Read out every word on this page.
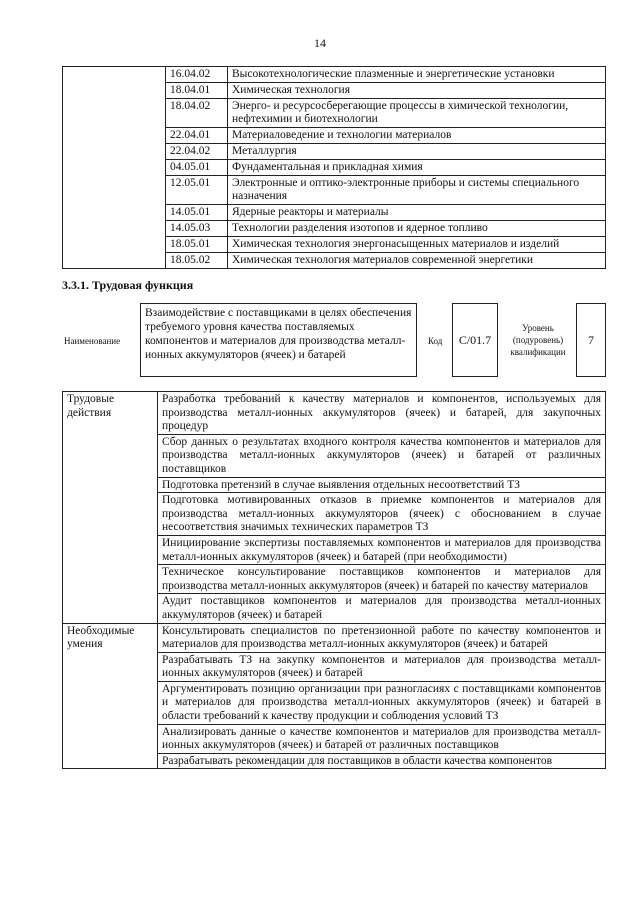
14
	16.04.02	Высокотехнологические плазменные и энергетические установки
	18.04.01	Химическая технология
	18.04.02	Энерго- и ресурсосберегающие процессы в химической технологии, нефтехимии и биотехнологии
	22.04.01	Материаловедение и технологии материалов
	22.04.02	Металлургия
	04.05.01	Фундаментальная и прикладная химия
	12.05.01	Электронные и оптико-электронные приборы и системы специального назначения
	14.05.01	Ядерные реакторы и материалы
	14.05.03	Технологии разделения изотопов и ядерное топливо
	18.05.01	Химическая технология энергонасыщенных материалов и изделий
	18.05.02	Химическая технология материалов современной энергетики
3.3.1. Трудовая функция
Наименование
Взаимодействие с поставщиками в целях обеспечения требуемого уровня качества поставляемых компонентов и материалов для производства металл-ионных аккумуляторов (ячеек) и батарей
Код	С/01.7
Уровень (подуровень) квалификации
7
Трудовые действия	Разработка требований к качеству материалов и компонентов, используемых для производства металл-ионных аккумуляторов (ячеек) и батарей, для закупочных процедур
	Сбор данных о результатах входного контроля качества компонентов и материалов для производства металл-ионных аккумуляторов (ячеек) и батарей от различных поставщиков
	Подготовка претензий в случае выявления отдельных несоответствий ТЗ
	Подготовка мотивированных отказов в приемке компонентов и материалов для производства металл-ионных аккумуляторов (ячеек) с обоснованием в случае несоответствия значимых технических параметров ТЗ
	Инициирование экспертизы поставляемых компонентов и материалов для производства металл-ионных аккумуляторов (ячеек) и батарей (при необходимости)
	Техническое консультирование поставщиков компонентов и материалов для производства металл-ионных аккумуляторов (ячеек) и батарей по качеству материалов
	Аудит поставщиков компонентов и материалов для производства металл-ионных аккумуляторов (ячеек) и батарей
Необходимые умения	Консультировать специалистов по претензионной работе по качеству компонентов и материалов для производства металл-ионных аккумуляторов (ячеек) и батарей
	Разрабатывать ТЗ на закупку компонентов и материалов для производства металл-ионных аккумуляторов (ячеек) и батарей
	Аргументировать позицию организации при разногласиях с поставщиками компонентов и материалов для производства металл-ионных аккумуляторов (ячеек) и батарей в области требований к качеству продукции и соблюдения условий ТЗ
	Анализировать данные о качестве компонентов и материалов для производства металл-ионных аккумуляторов (ячеек) и батарей от различных поставщиков
	Разрабатывать рекомендации для поставщиков в области качества компонентов
